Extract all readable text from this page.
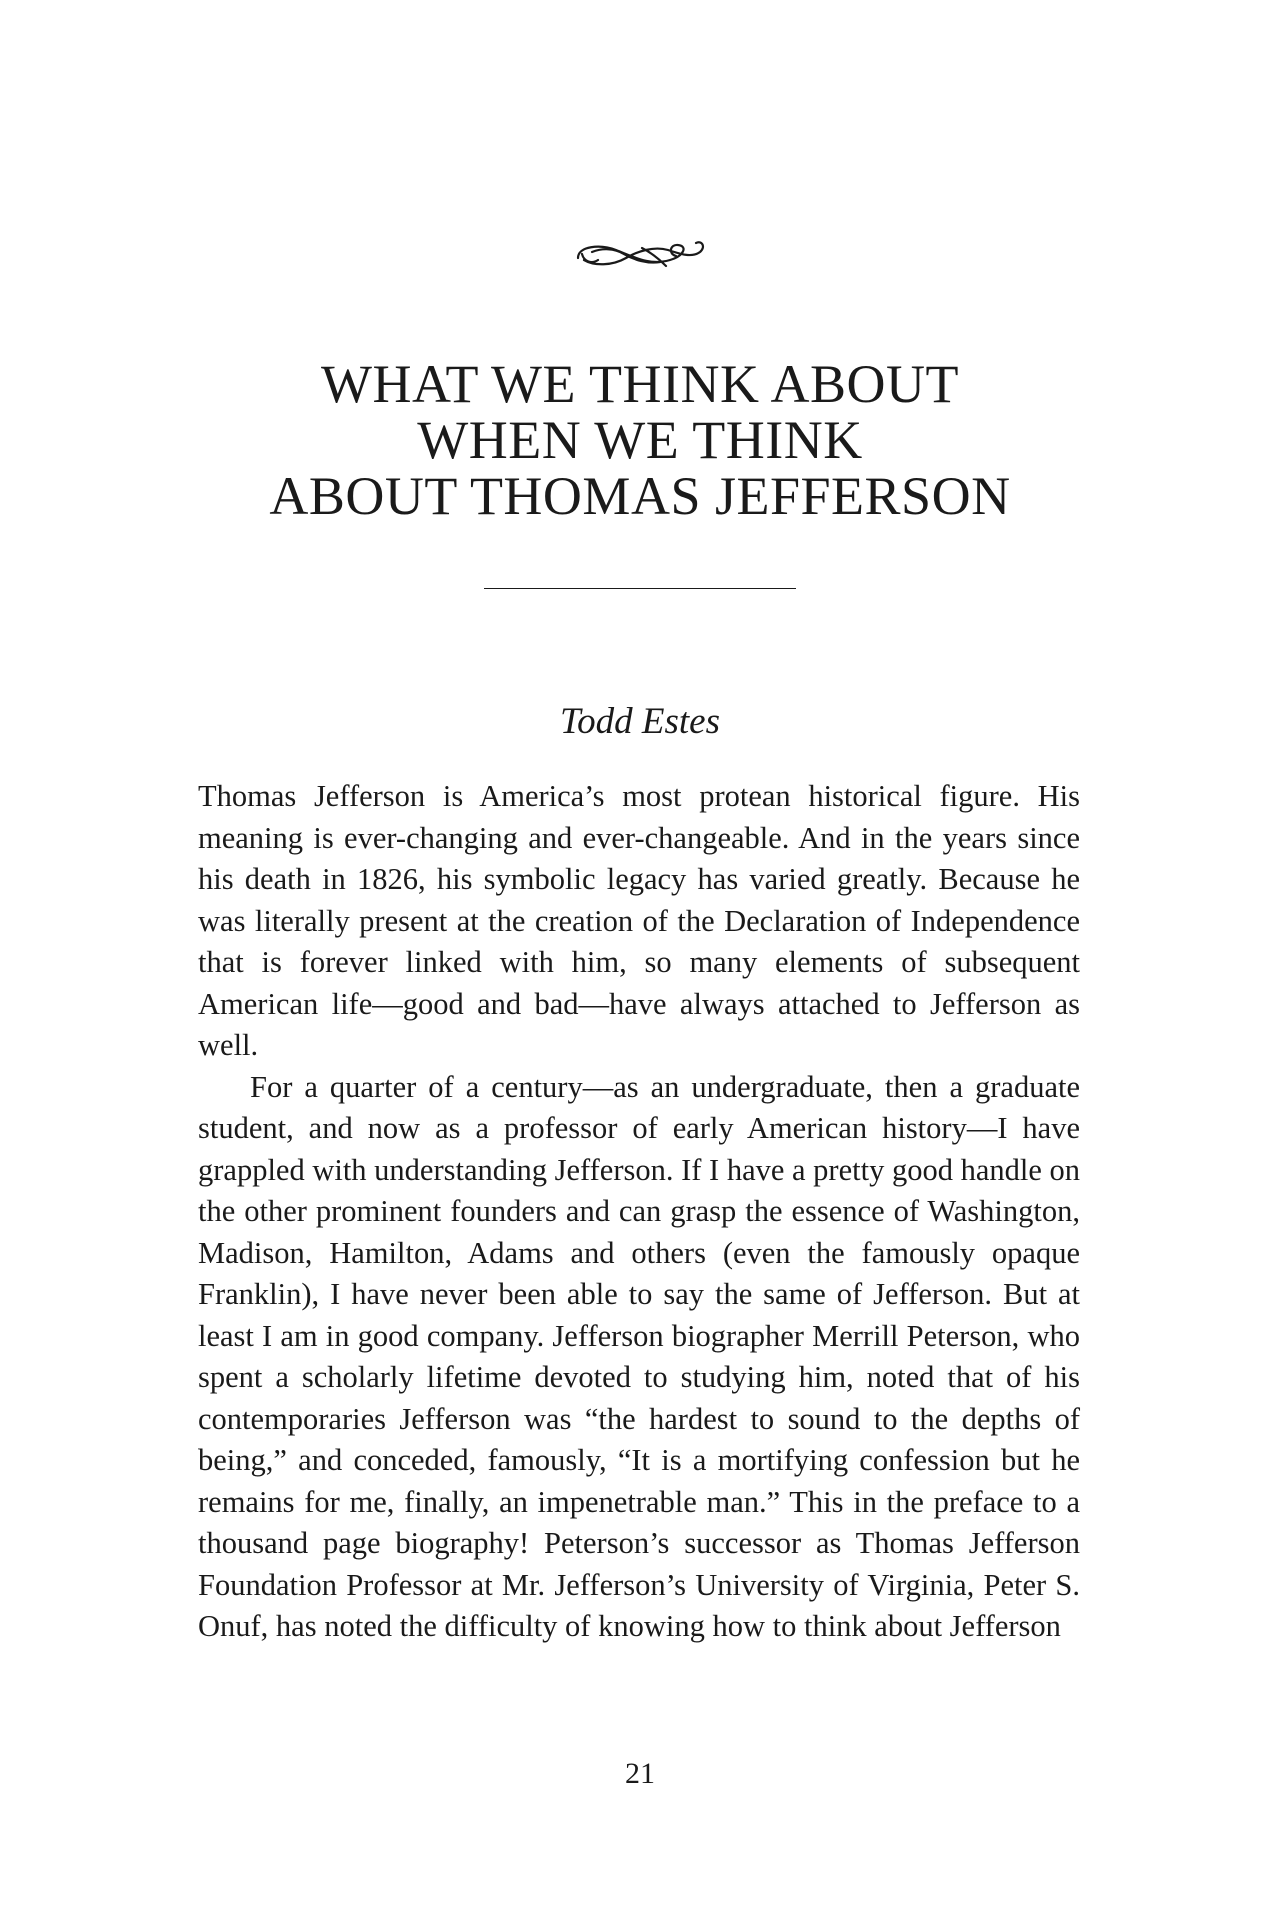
WHAT WE THINK ABOUT
WHEN WE THINK
ABOUT THOMAS JEFFERSON

Todd Estes

Thomas Jefferson is America’s most protean historical figure. His meaning is ever-changing and ever-changeable. And in the years since his death in 1826, his symbolic legacy has varied greatly. Because he was literally present at the creation of the Declaration of Independence that is forever linked with him, so many elements of subsequent American life—good and bad—have always attached to Jefferson as well.

For a quarter of a century—as an undergraduate, then a graduate student, and now as a professor of early American history—I have grappled with understanding Jefferson. If I have a pretty good handle on the other prominent founders and can grasp the essence of Washington, Madison, Hamilton, Adams and others (even the famously opaque Franklin), I have never been able to say the same of Jefferson. But at least I am in good company. Jefferson biographer Merrill Peterson, who spent a scholarly lifetime devoted to studying him, noted that of his contemporaries Jefferson was “the hardest to sound to the depths of being,” and conceded, famously, “It is a mortifying confession but he remains for me, finally, an impenetrable man.” This in the preface to a thousand page biography! Peterson’s successor as Thomas Jefferson Foundation Professor at Mr. Jefferson’s University of Virginia, Peter S. Onuf, has noted the difficulty of knowing how to think about Jefferson

21
